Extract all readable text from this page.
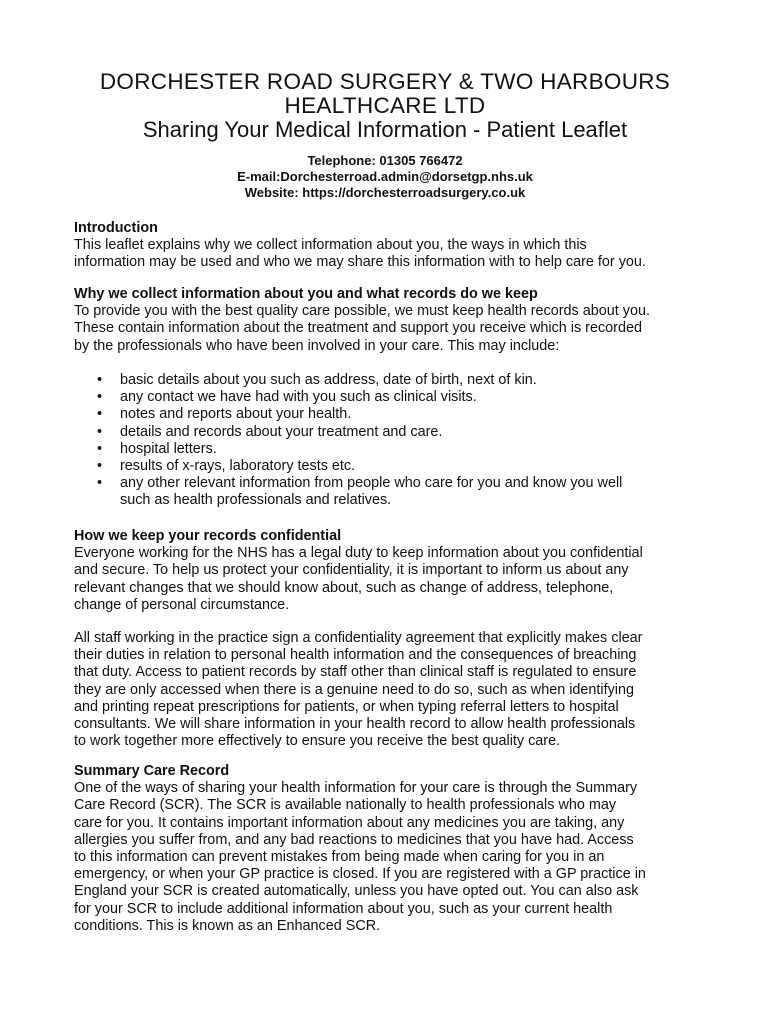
DORCHESTER ROAD SURGERY & TWO HARBOURS
HEALTHCARE LTD
Sharing Your Medical Information - Patient Leaflet
Telephone: 01305 766472
E-mail:Dorchesterroad.admin@dorsetgp.nhs.uk
Website: https://dorchesterroadsurgery.co.uk

Introduction

This leaflet explains why we collect information about you, the ways in which this

information may be used and who we may share this information with to help care for you.

Why we collect information about you and what records do we keep

To provide you with the best quality care possible, we must keep health records about you.

These contain information about the treatment and support you receive which is recorded

by the professionals who have been involved in your care. This may include:

• basic details about you such as address, date of birth, next of kin.
• any contact we have had with you such as clinical visits.
• notes and reports about your health.
• details and records about your treatment and care.
• hospital letters.
• results of x-rays, laboratory tests etc.
• any other relevant information from people who care for you and know you well
such as health professionals and relatives.

How we keep your records confidential

Everyone working for the NHS has a legal duty to keep information about you confidential

and secure. To help us protect your confidentiality, it is important to inform us about any

relevant changes that we should know about, such as change of address, telephone,

change of personal circumstance.

All staff working in the practice sign a confidentiality agreement that explicitly makes clear

their duties in relation to personal health information and the consequences of breaching

that duty. Access to patient records by staff other than clinical staff is regulated to ensure

they are only accessed when there is a genuine need to do so, such as when identifying

and printing repeat prescriptions for patients, or when typing referral letters to hospital

consultants. We will share information in your health record to allow health professionals

to work together more effectively to ensure you receive the best quality care.

Summary Care Record

One of the ways of sharing your health information for your care is through the Summary

Care Record (SCR). The SCR is available nationally to health professionals who may

care for you. It contains important information about any medicines you are taking, any

allergies you suffer from, and any bad reactions to medicines that you have had. Access

to this information can prevent mistakes from being made when caring for you in an

emergency, or when your GP practice is closed. If you are registered with a GP practice in

England your SCR is created automatically, unless you have opted out. You can also ask

for your SCR to include additional information about you, such as your current health

conditions. This is known as an Enhanced SCR.
